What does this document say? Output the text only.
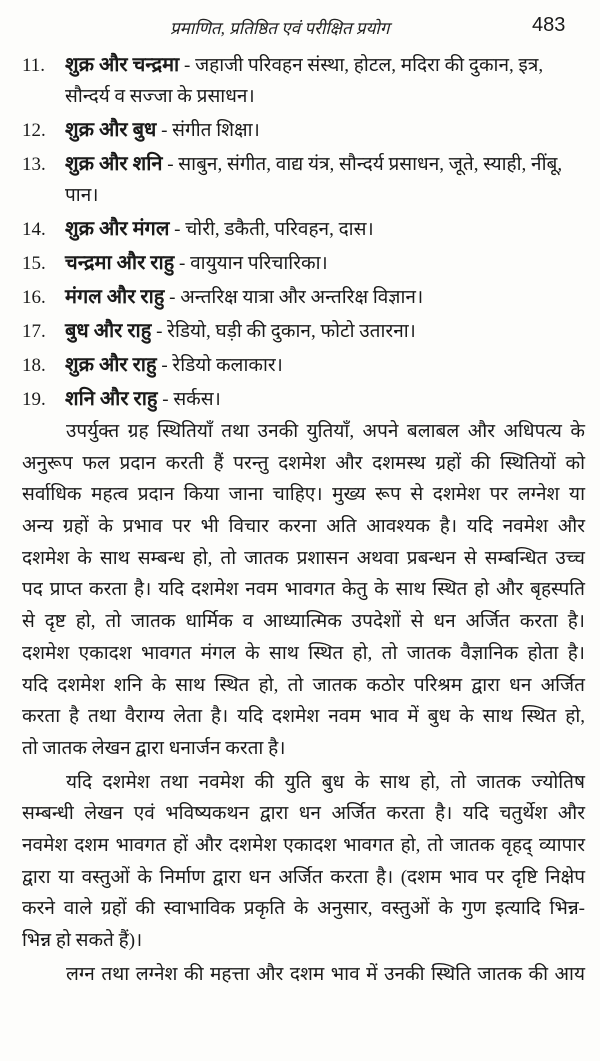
प्रमाणित, प्रतिष्ठित एवं परीक्षित प्रयोग	483
11. शुक्र और चन्द्रमा - जहाजी परिवहन संस्था, होटल, मदिरा की दुकान, इत्र, सौन्दर्य व सज्जा के प्रसाधन।
12. शुक्र और बुध - संगीत शिक्षा।
13. शुक्र और शनि - साबुन, संगीत, वाद्य यंत्र, सौन्दर्य प्रसाधन, जूते, स्याही, नींबू, पान।
14. शुक्र और मंगल - चोरी, डकैती, परिवहन, दास।
15. चन्द्रमा और राहु - वायुयान परिचारिका।
16. मंगल और राहु - अन्तरिक्ष यात्रा और अन्तरिक्ष विज्ञान।
17. बुध और राहु - रेडियो, घड़ी की दुकान, फोटो उतारना।
18. शुक्र और राहु - रेडियो कलाकार।
19. शनि और राहु - सर्कस।
उपर्युक्त ग्रह स्थितियाँ तथा उनकी युतियाँ, अपने बलाबल और अधिपत्य के
अनुरूप फल प्रदान करती हैं परन्तु दशमेश और दशमस्थ ग्रहों की स्थितियों को
सर्वाधिक महत्व प्रदान किया जाना चाहिए। मुख्य रूप से दशमेश पर लग्नेश या
अन्य ग्रहों के प्रभाव पर भी विचार करना अति आवश्यक है। यदि नवमेश और
दशमेश के साथ सम्बन्ध हो, तो जातक प्रशासन अथवा प्रबन्धन से सम्बन्धित उच्च
पद प्राप्त करता है। यदि दशमेश नवम भावगत केतु के साथ स्थित हो और बृहस्पति
से दृष्ट हो, तो जातक धार्मिक व आध्यात्मिक उपदेशों से धन अर्जित करता है।
दशमेश एकादश भावगत मंगल के साथ स्थित हो, तो जातक वैज्ञानिक होता है।
यदि दशमेश शनि के साथ स्थित हो, तो जातक कठोर परिश्रम द्वारा धन अर्जित
करता है तथा वैराग्य लेता है। यदि दशमेश नवम भाव में बुध के साथ स्थित हो,
तो जातक लेखन द्वारा धनार्जन करता है।
यदि दशमेश तथा नवमेश की युति बुध के साथ हो, तो जातक ज्योतिष
सम्बन्धी लेखन एवं भविष्यकथन द्वारा धन अर्जित करता है। यदि चतुर्थेश और
नवमेश दशम भावगत हों और दशमेश एकादश भावगत हो, तो जातक वृहद् व्यापार
द्वारा या वस्तुओं के निर्माण द्वारा धन अर्जित करता है। (दशम भाव पर दृष्टि निक्षेप
करने वाले ग्रहों की स्वाभाविक प्रकृति के अनुसार, वस्तुओं के गुण इत्यादि भिन्न-
भिन्न हो सकते हैं)।
लग्न तथा लग्नेश की महत्ता और दशम भाव में उनकी स्थिति जातक की आय
